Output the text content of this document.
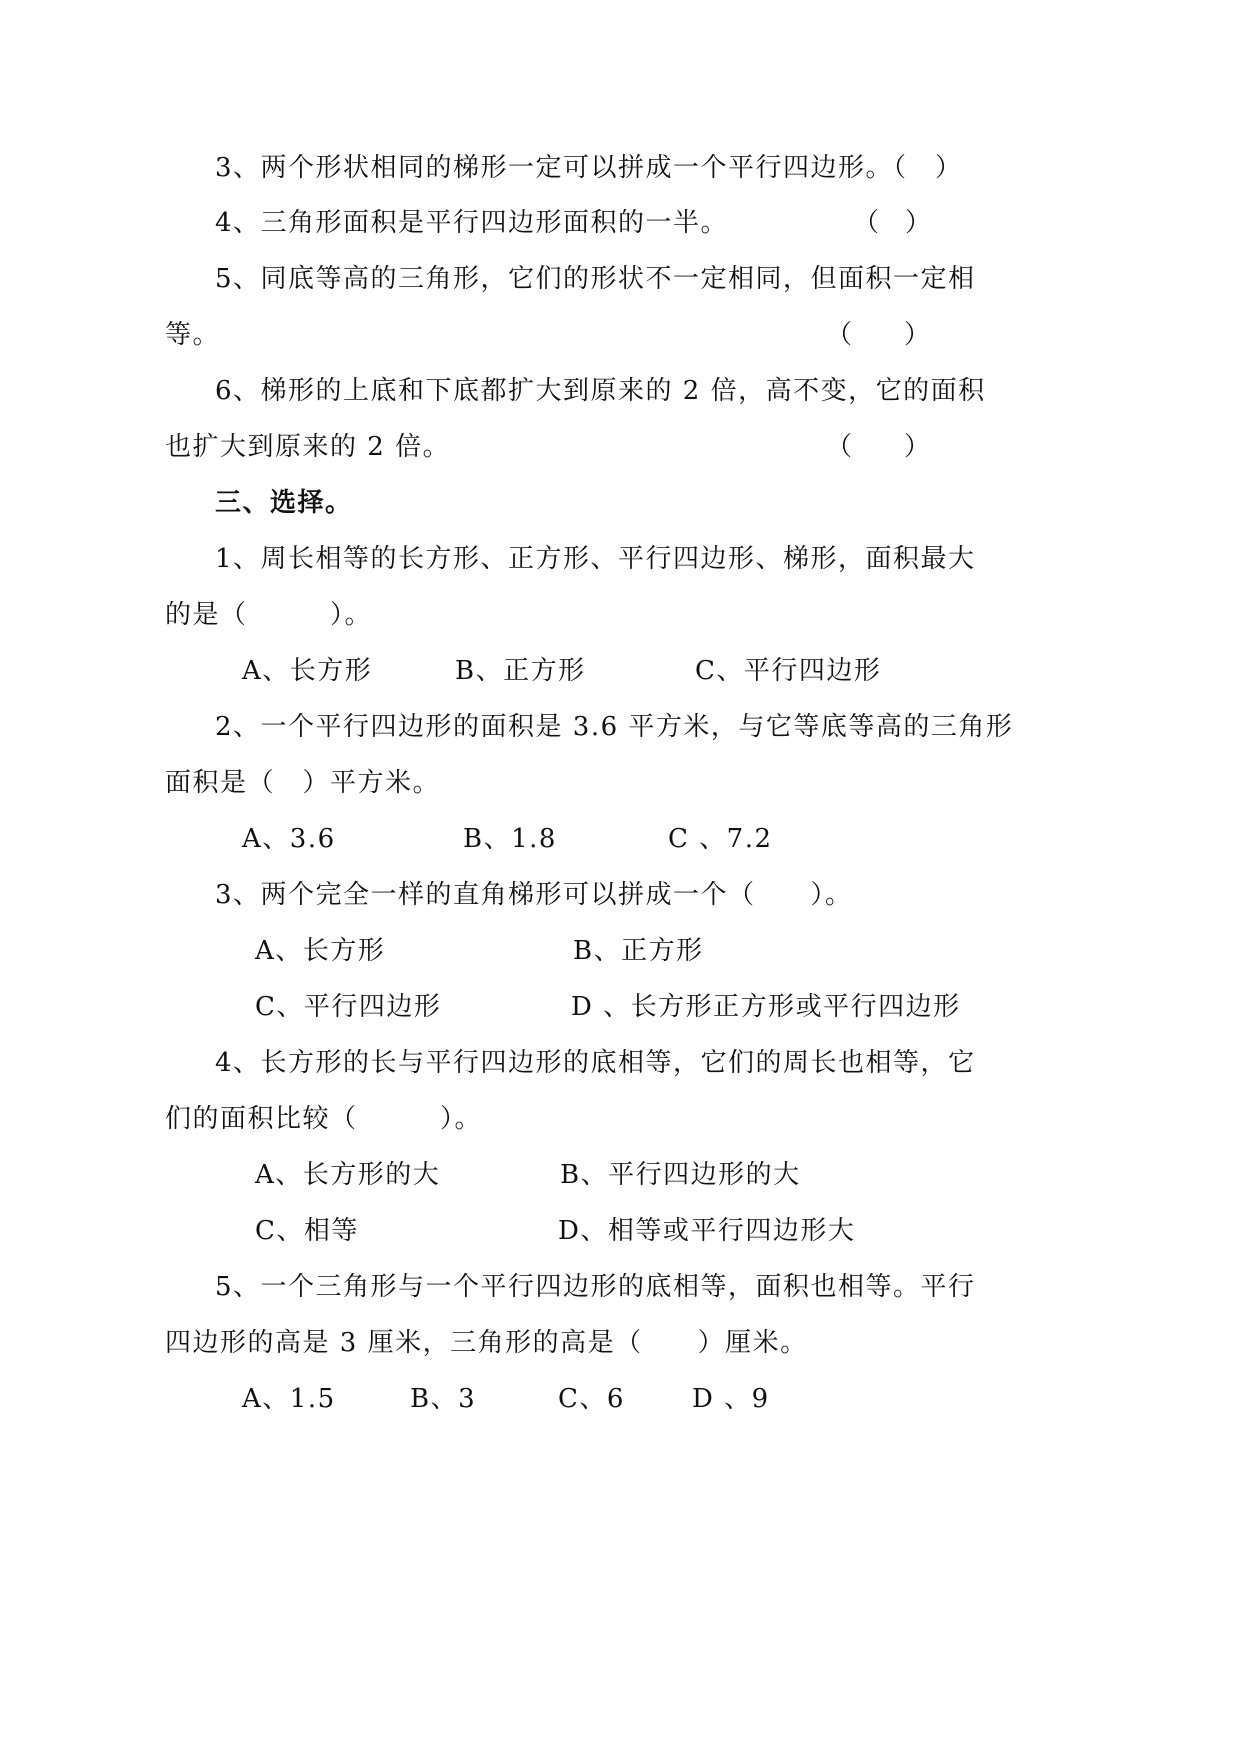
3、两个形状相同的梯形一定可以拼成一个平行四边形。（　）
4、三角形面积是平行四边形面积的一半。	（　）
5、同底等高的三角形，它们的形状不一定相同，但面积一定相
等。	（　　）
6、梯形的上底和下底都扩大到原来的 2 倍，高不变，它的面积
也扩大到原来的 2 倍。	（　　）
三、选择。
1、周长相等的长方形、正方形、平行四边形、梯形，面积最大
的是（　　　）。
A、长方形	B、正方形	C、平行四边形
2、一个平行四边形的面积是 3.6 平方米，与它等底等高的三角形
面积是（　）平方米。
A、3.6	B、1.8	C 、7.2
3、两个完全一样的直角梯形可以拼成一个（　　）。
A、长方形	B、正方形
C、平行四边形	D 、长方形正方形或平行四边形
4、长方形的长与平行四边形的底相等，它们的周长也相等，它
们的面积比较（　　　）。
A、长方形的大	B、平行四边形的大
C、相等	D、相等或平行四边形大
5、一个三角形与一个平行四边形的底相等，面积也相等。平行
四边形的高是 3 厘米，三角形的高是（　　）厘米。
A、1.5	B、3	C、6	D 、9
